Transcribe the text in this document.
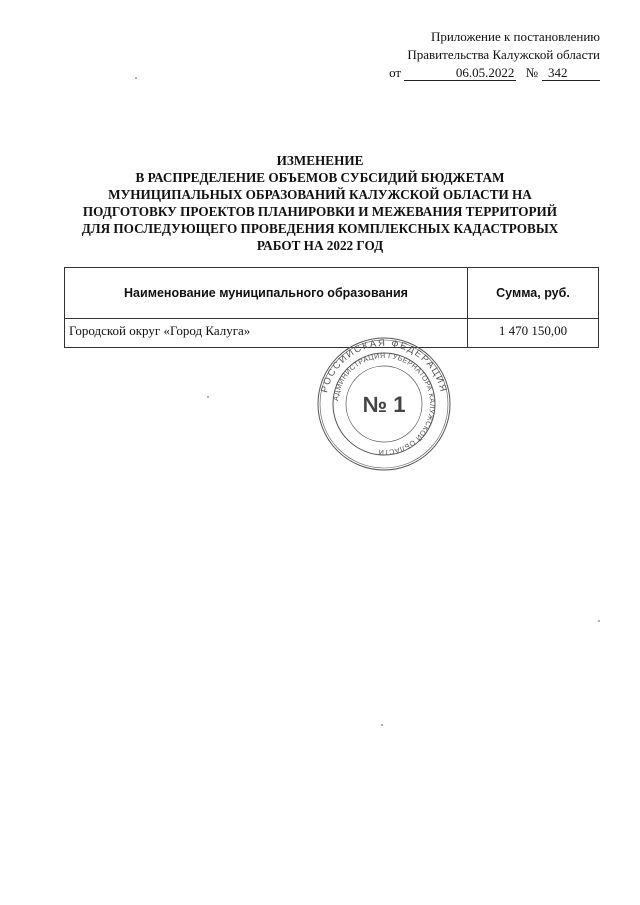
Приложение к постановлению
Правительства Калужской области
от	06.05.2022 № 342
ИЗМЕНЕНИЕ
В РАСПРЕДЕЛЕНИЕ ОБЪЕМОВ СУБСИДИЙ БЮДЖЕТАМ
МУНИЦИПАЛЬНЫХ ОБРАЗОВАНИЙ КАЛУЖСКОЙ ОБЛАСТИ НА
ПОДГОТОВКУ ПРОЕКТОВ ПЛАНИРОВКИ И МЕЖЕВАНИЯ ТЕРРИТОРИЙ
ДЛЯ ПОСЛЕДУЮЩЕГО ПРОВЕДЕНИЯ КОМПЛЕКСНЫХ КАДАСТРОВЫХ
РАБОТ НА 2022 ГОД
Наименование муниципального образования	Сумма, руб.
Городской округ «Город Калуга»	1 470 150,00
РОССИЙСКАЯ ФЕДЕРАЦИЯ
АДМИНИСТРАЦИЯ ГУБЕРНАТОРА КАЛУЖСКОЙ ОБЛАСТИ
№ 1
